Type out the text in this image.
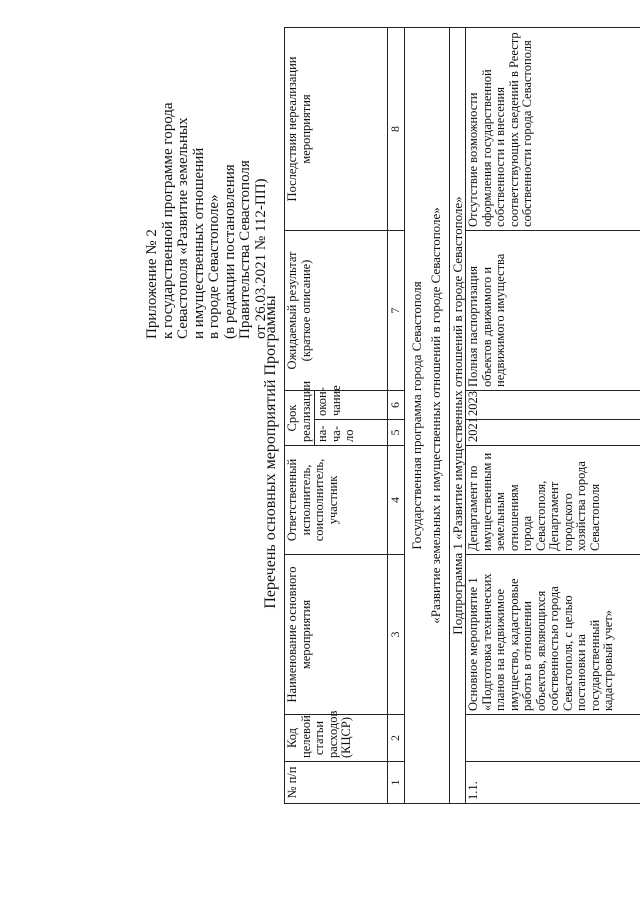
Приложение № 2 к государственной программе города Севастополя «Развитие земельных и имущественных отношений в городе Севастополе» (в редакции постановления Правительства Севастополя от 26.03.2021 № 112-ПП)
Перечень основных мероприятий Программы
№ п/п	Код целевой статьи расходов (КЦСР)	Наименование основного мероприятия	Ответственный исполнитель, соисполнитель, участник	Срок реализации		Ожидаемый результат (краткое описание)	Последствия нереализации мероприятия
				на-ча-ло	окон-чание		
1	2	3	4	5	6	7	8

Государственная программа города Севастополя «Развитие земельных и имущественных отношений в городе Севастополе»							

Подпрограмма 1 «Развитие имущественных отношений в городе Севастополе»							
1.1.		Основное мероприятие 1 «Подготовка технических планов на недвижимое имущество, кадастровые работы в отношении объектов, являющихся собственностью города Севастополя, с целью постановки на государственный кадастровый учет»	Департамент по имущественным и земельным отношениям города Севастополя, Департамент городского хозяйства города Севастополя	2021	2023	Полная паспортизация объектов движимого и недвижимого имущества	Отсутствие возможности оформления государственной собственности и внесения соответствующих сведений в Реестр собственности города Севастополя
